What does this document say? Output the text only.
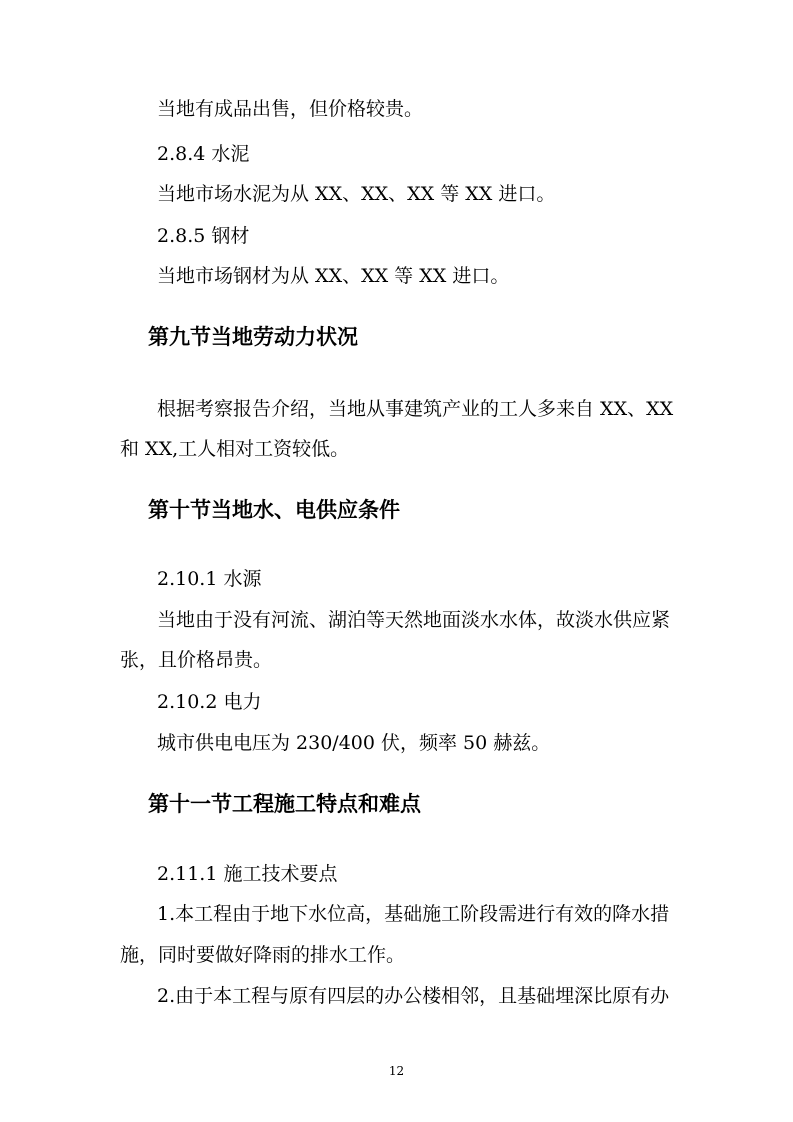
当地有成品出售，但价格较贵。
2.8.4 水泥
当地市场水泥为从 XX、XX、XX 等 XX 进口。
2.8.5 钢材
当地市场钢材为从 XX、XX 等 XX 进口。
第九节当地劳动力状况
根据考察报告介绍，当地从事建筑产业的工人多来自 XX、XX
和 XX,工人相对工资较低。
第十节当地水、电供应条件
2.10.1 水源
当地由于没有河流、湖泊等天然地面淡水水体，故淡水供应紧
张，且价格昂贵。
2.10.2 电力
城市供电电压为 230/400 伏，频率 50 赫兹。
第十一节工程施工特点和难点
2.11.1 施工技术要点
1.本工程由于地下水位高，基础施工阶段需进行有效的降水措
施，同时要做好降雨的排水工作。
2.由于本工程与原有四层的办公楼相邻，且基础埋深比原有办
12
